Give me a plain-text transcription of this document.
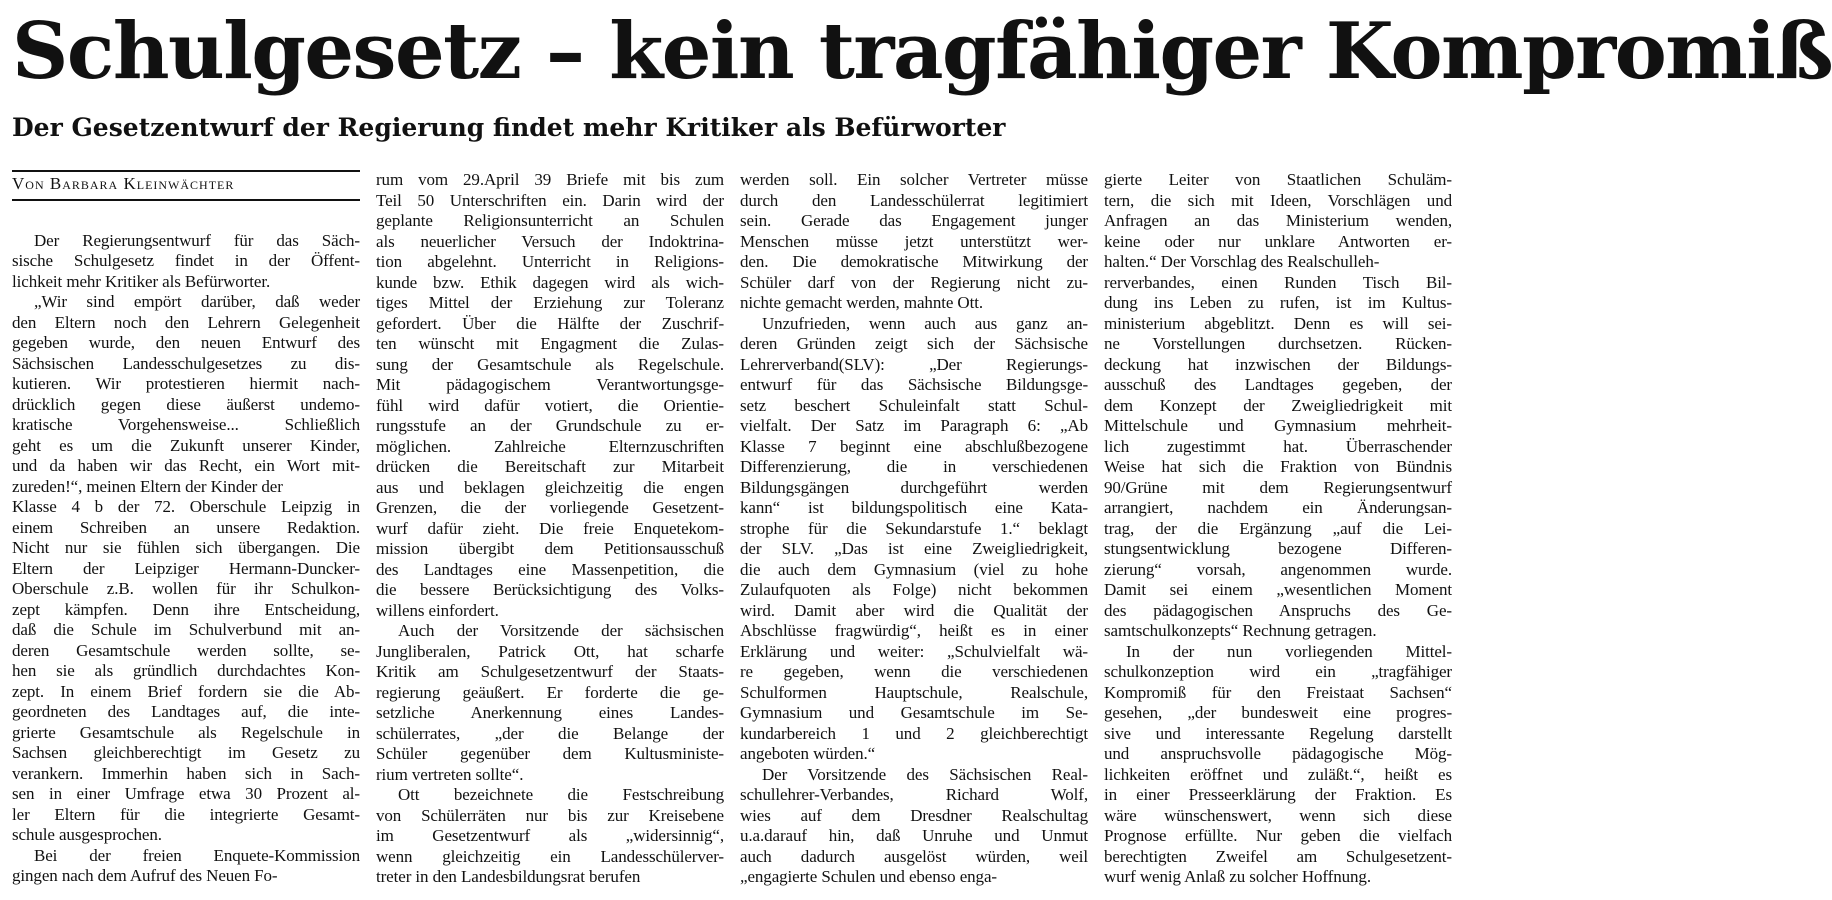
Schulgesetz – kein tragfähiger Kompromiß
Der Gesetzentwurf der Regierung findet mehr Kritiker als Befürworter
Von Barbara Kleinwächter

Der Regierungsentwurf für das Säch-

sische Schulgesetz findet in der Öffent-

lichkeit mehr Kritiker als Befürworter.

„Wir sind empört darüber, daß weder

den Eltern noch den Lehrern Gelegenheit

gegeben wurde, den neuen Entwurf des

Sächsischen Landesschulgesetzes zu dis-

kutieren. Wir protestieren hiermit nach-

drücklich gegen diese äußerst undemo-

kratische Vorgehensweise... Schließlich

geht es um die Zukunft unserer Kinder,

und da haben wir das Recht, ein Wort mit-

zureden!“, meinen Eltern der Kinder der

Klasse 4 b der 72. Oberschule Leipzig in

einem Schreiben an unsere Redaktion.

Nicht nur sie fühlen sich übergangen. Die

Eltern der Leipziger Hermann-Duncker-

Oberschule z.B. wollen für ihr Schulkon-

zept kämpfen. Denn ihre Entscheidung,

daß die Schule im Schulverbund mit an-

deren Gesamtschule werden sollte, se-

hen sie als gründlich durchdachtes Kon-

zept. In einem Brief fordern sie die Ab-

geordneten des Landtages auf, die inte-

grierte Gesamtschule als Regelschule in

Sachsen gleichberechtigt im Gesetz zu

verankern. Immerhin haben sich in Sach-

sen in einer Umfrage etwa 30 Prozent al-

ler Eltern für die integrierte Gesamt-

schule ausgesprochen.

Bei der freien Enquete-Kommission

gingen nach dem Aufruf des Neuen Fo-

rum vom 29.April 39 Briefe mit bis zum

Teil 50 Unterschriften ein. Darin wird der

geplante Religionsunterricht an Schulen

als neuerlicher Versuch der Indoktrina-

tion abgelehnt. Unterricht in Religions-

kunde bzw. Ethik dagegen wird als wich-

tiges Mittel der Erziehung zur Toleranz

gefordert. Über die Hälfte der Zuschrif-

ten wünscht mit Engagment die Zulas-

sung der Gesamtschule als Regelschule.

Mit pädagogischem Verantwortungsge-

fühl wird dafür votiert, die Orientie-

rungsstufe an der Grundschule zu er-

möglichen. Zahlreiche Elternzuschriften

drücken die Bereitschaft zur Mitarbeit

aus und beklagen gleichzeitig die engen

Grenzen, die der vorliegende Gesetzent-

wurf dafür zieht. Die freie Enquetekom-

mission übergibt dem Petitionsausschuß

des Landtages eine Massenpetition, die

die bessere Berücksichtigung des Volks-

willens einfordert.

Auch der Vorsitzende der sächsischen

Jungliberalen, Patrick Ott, hat scharfe

Kritik am Schulgesetzentwurf der Staats-

regierung geäußert. Er forderte die ge-

setzliche Anerkennung eines Landes-

schülerrates, „der die Belange der

Schüler gegenüber dem Kultusministe-

rium vertreten sollte“.

Ott bezeichnete die Festschreibung

von Schülerräten nur bis zur Kreisebene

im Gesetzentwurf als „widersinnig“,

wenn gleichzeitig ein Landesschülerver-

treter in den Landesbildungsrat berufen

werden soll. Ein solcher Vertreter müsse

durch den Landesschülerrat legitimiert

sein. Gerade das Engagement junger

Menschen müsse jetzt unterstützt wer-

den. Die demokratische Mitwirkung der

Schüler darf von der Regierung nicht zu-

nichte gemacht werden, mahnte Ott.

Unzufrieden, wenn auch aus ganz an-

deren Gründen zeigt sich der Sächsische

Lehrerverband(SLV): „Der Regierungs-

entwurf für das Sächsische Bildungsge-

setz beschert Schuleinfalt statt Schul-

vielfalt. Der Satz im Paragraph 6: „Ab

Klasse 7 beginnt eine abschlußbezogene

Differenzierung, die in verschiedenen

Bildungsgängen durchgeführt werden

kann“ ist bildungspolitisch eine Kata-

strophe für die Sekundarstufe 1.“ beklagt

der SLV. „Das ist eine Zweigliedrigkeit,

die auch dem Gymnasium (viel zu hohe

Zulaufquoten als Folge) nicht bekommen

wird. Damit aber wird die Qualität der

Abschlüsse fragwürdig“, heißt es in einer

Erklärung und weiter: „Schulvielfalt wä-

re gegeben, wenn die verschiedenen

Schulformen Hauptschule, Realschule,

Gymnasium und Gesamtschule im Se-

kundarbereich 1 und 2 gleichberechtigt

angeboten würden.“

Der Vorsitzende des Sächsischen Real-

schullehrer-Verbandes, Richard Wolf,

wies auf dem Dresdner Realschultag

u.a.darauf hin, daß Unruhe und Unmut

auch dadurch ausgelöst würden, weil

„engagierte Schulen und ebenso enga-

gierte Leiter von Staatlichen Schuläm-

tern, die sich mit Ideen, Vorschlägen und

Anfragen an das Ministerium wenden,

keine oder nur unklare Antworten er-

halten.“ Der Vorschlag des Realschulleh-

rerverbandes, einen Runden Tisch Bil-

dung ins Leben zu rufen, ist im Kultus-

ministerium abgeblitzt. Denn es will sei-

ne Vorstellungen durchsetzen. Rücken-

deckung hat inzwischen der Bildungs-

ausschuß des Landtages gegeben, der

dem Konzept der Zweigliedrigkeit mit

Mittelschule und Gymnasium mehrheit-

lich zugestimmt hat. Überraschender

Weise hat sich die Fraktion von Bündnis

90/Grüne mit dem Regierungsentwurf

arrangiert, nachdem ein Änderungsan-

trag, der die Ergänzung „auf die Lei-

stungsentwicklung bezogene Differen-

zierung“ vorsah, angenommen wurde.

Damit sei einem „wesentlichen Moment

des pädagogischen Anspruchs des Ge-

samtschulkonzepts“ Rechnung getragen.

In der nun vorliegenden Mittel-

schulkonzeption wird ein „tragfähiger

Kompromiß für den Freistaat Sachsen“

gesehen, „der bundesweit eine progres-

sive und interessante Regelung darstellt

und anspruchsvolle pädagogische Mög-

lichkeiten eröffnet und zuläßt.“, heißt es

in einer Presseerklärung der Fraktion. Es

wäre wünschenswert, wenn sich diese

Prognose erfüllte. Nur geben die vielfach

berechtigten Zweifel am Schulgesetzent-

wurf wenig Anlaß zu solcher Hoffnung.
